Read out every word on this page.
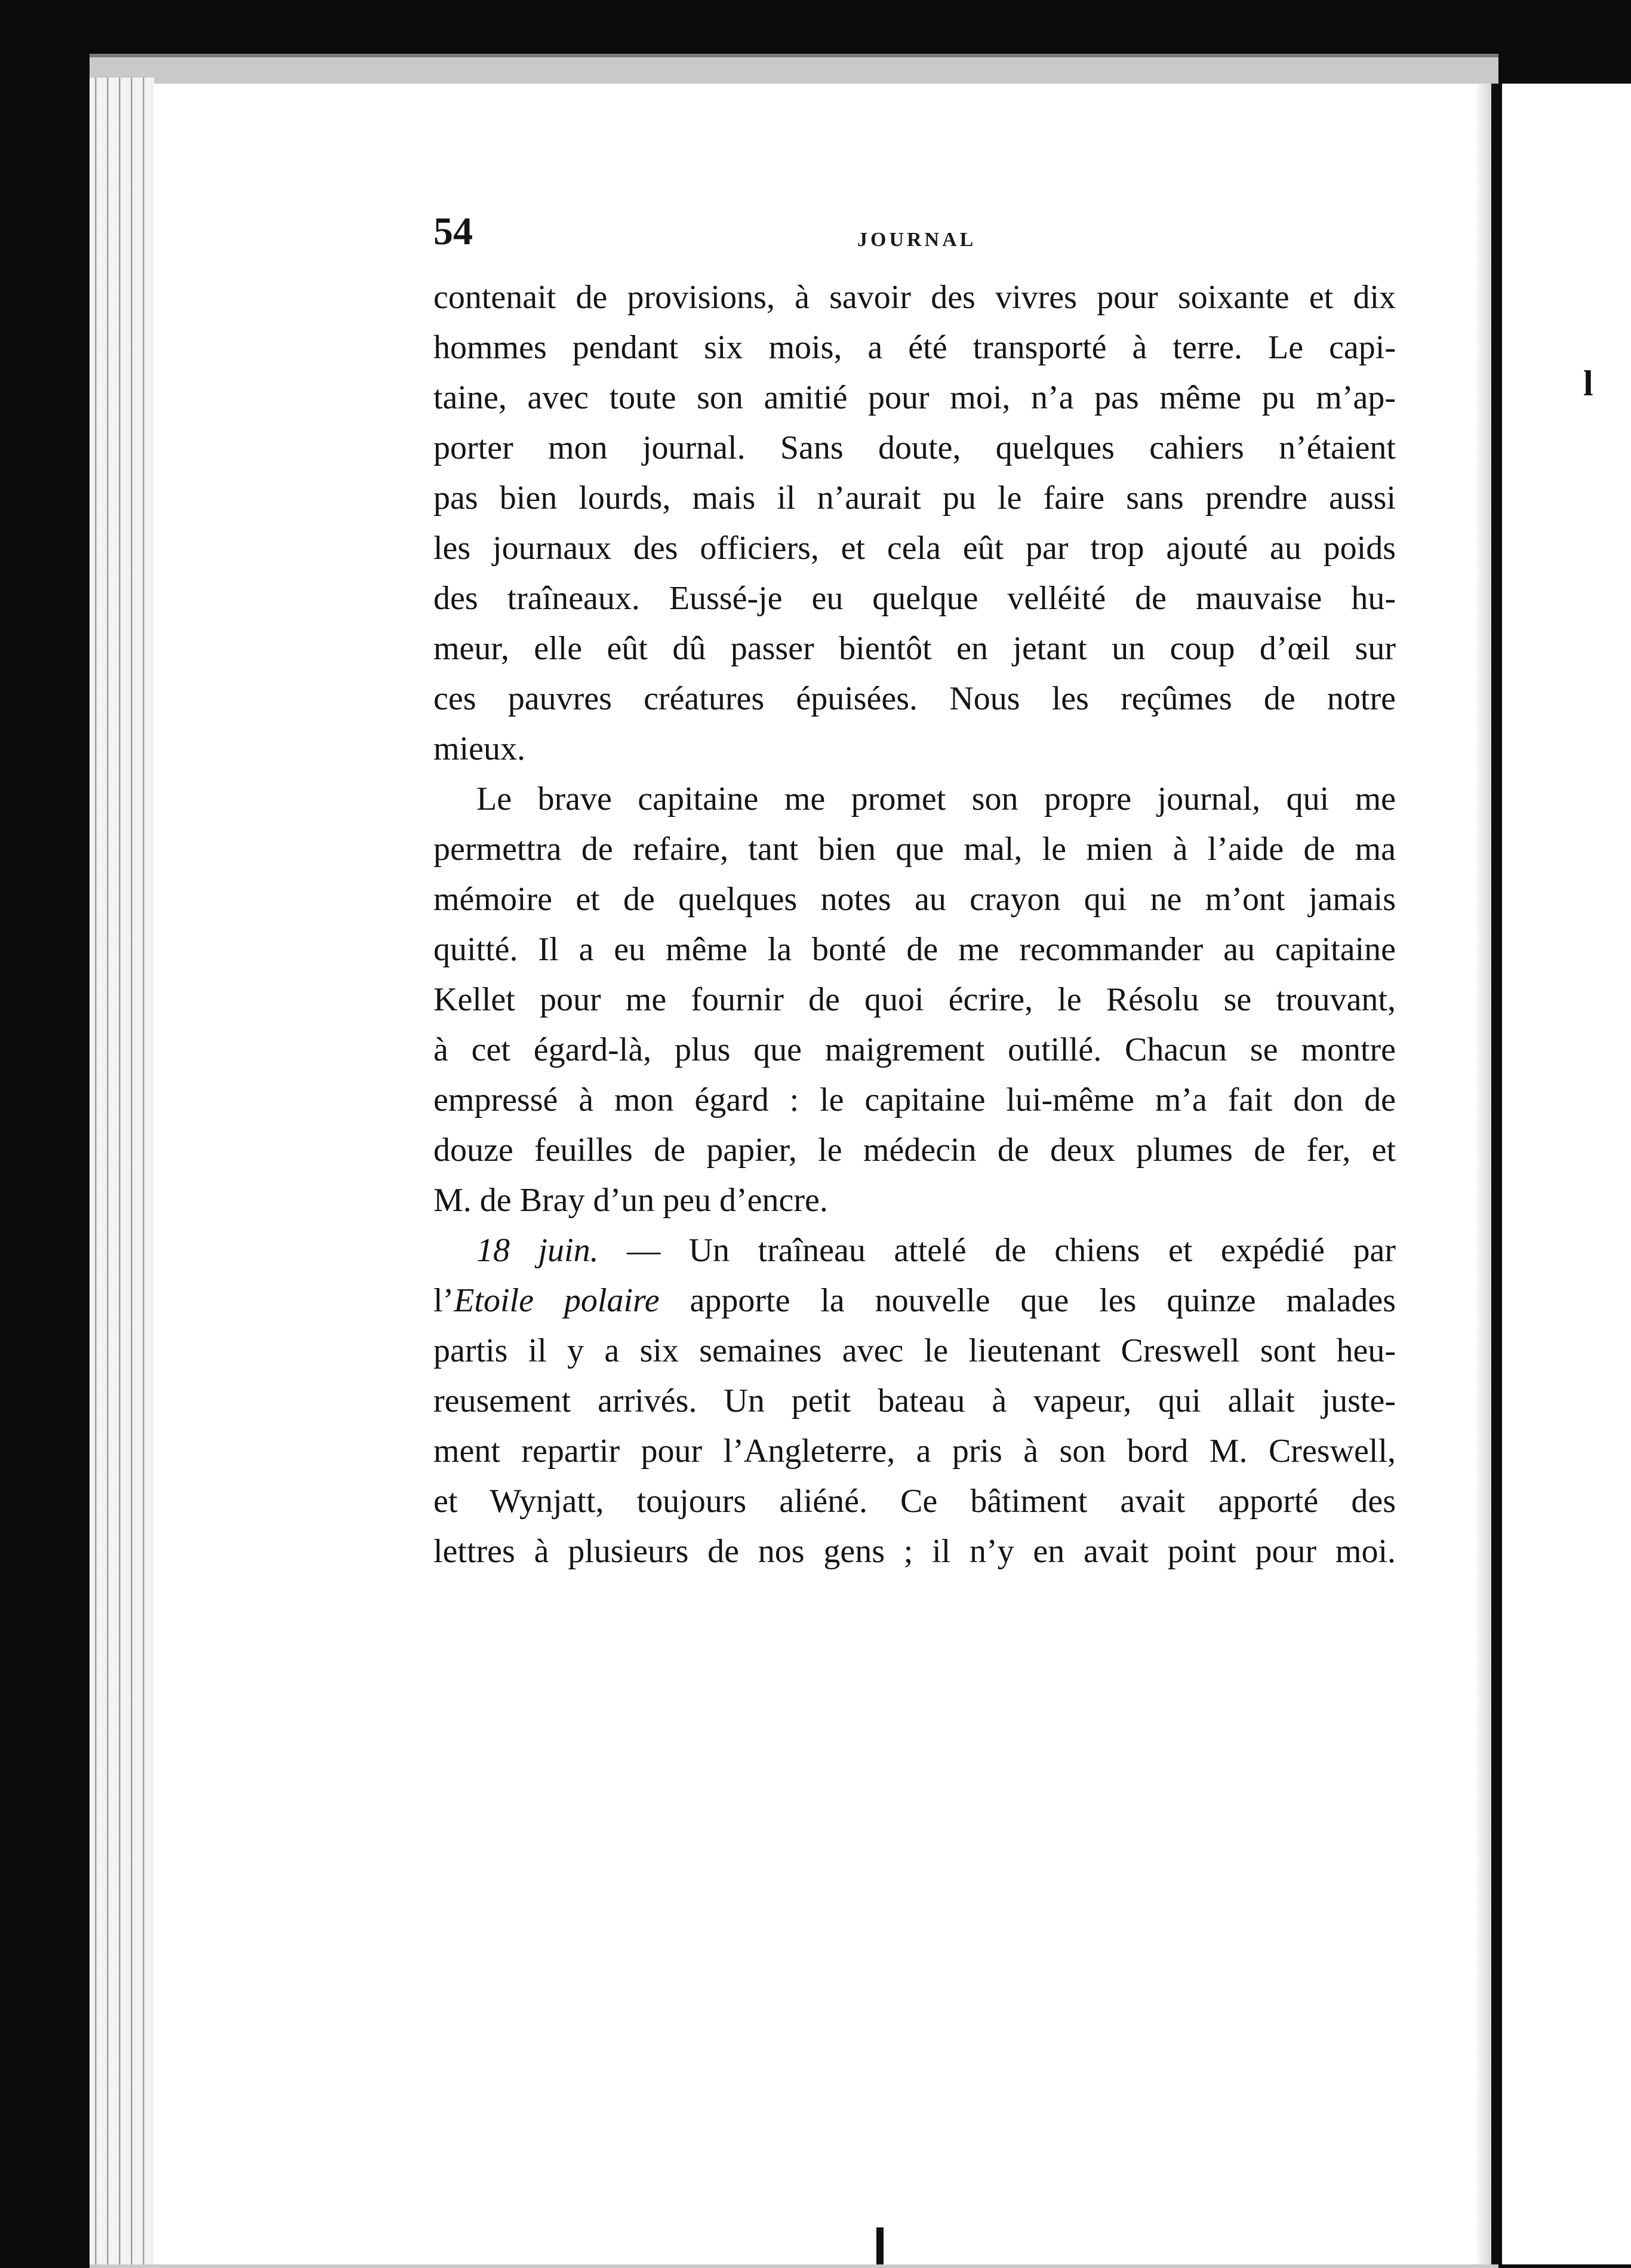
l
54	JOURNAL
contenait de provisions, à savoir des vivres pour soixante et dix
hommes pendant six mois, a été transporté à terre. Le capi-
taine, avec toute son amitié pour moi, n’a pas même pu m’ap-
porter mon journal. Sans doute, quelques cahiers n’étaient
pas bien lourds, mais il n’aurait pu le faire sans prendre aussi
les journaux des officiers, et cela eût par trop ajouté au poids
des traîneaux. Eussé-je eu quelque velléité de mauvaise hu-
meur, elle eût dû passer bientôt en jetant un coup d’œil sur
ces pauvres créatures épuisées. Nous les reçûmes de notre
mieux.
Le brave capitaine me promet son propre journal, qui me
permettra de refaire, tant bien que mal, le mien à l’aide de ma
mémoire et de quelques notes au crayon qui ne m’ont jamais
quitté. Il a eu même la bonté de me recommander au capitaine
Kellet pour me fournir de quoi écrire, le Résolu se trouvant,
à cet égard-là, plus que maigrement outillé. Chacun se montre
empressé à mon égard : le capitaine lui-même m’a fait don de
douze feuilles de papier, le médecin de deux plumes de fer, et
M. de Bray d’un peu d’encre.
18 juin. — Un traîneau attelé de chiens et expédié par
l’Etoile polaire apporte la nouvelle que les quinze malades
partis il y a six semaines avec le lieutenant Creswell sont heu-
reusement arrivés. Un petit bateau à vapeur, qui allait juste-
ment repartir pour l’Angleterre, a pris à son bord M. Creswell,
et Wynjatt, toujours aliéné. Ce bâtiment avait apporté des
lettres à plusieurs de nos gens ; il n’y en avait point pour moi.
